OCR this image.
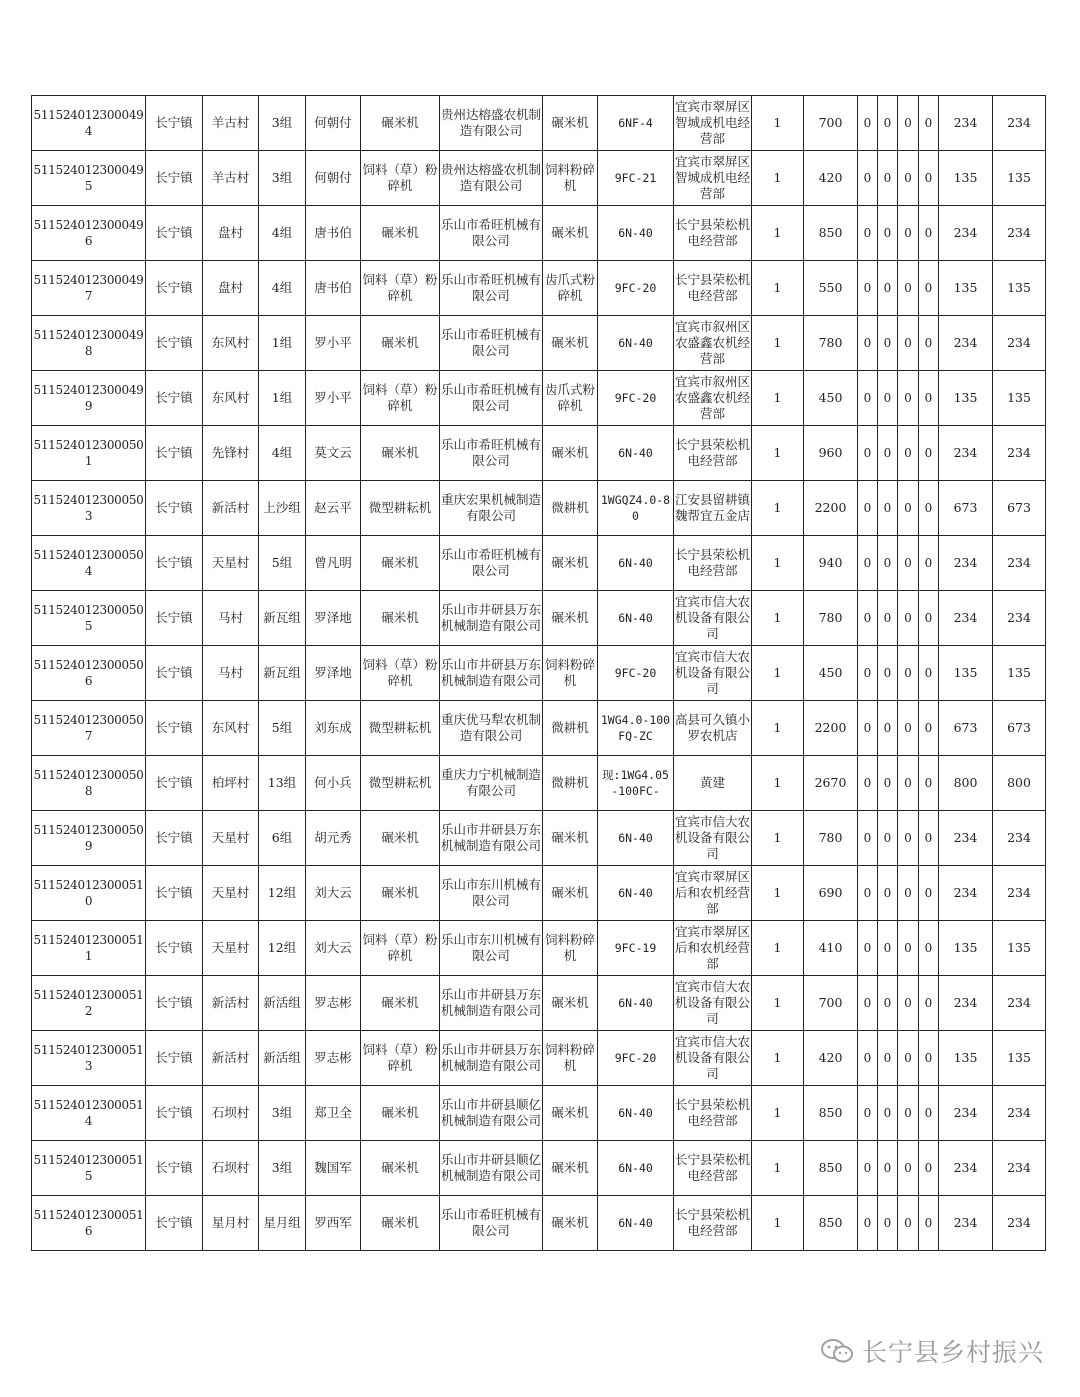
5115240123000494	长宁镇	羊古村	3组	何朝付	碾米机	贵州达榕盛农机制造有限公司	碾米机	6NF-4	宜宾市翠屏区智城成机电经营部	1	700	0	0	0	0	234	234
5115240123000495	长宁镇	羊古村	3组	何朝付	饲料（草）粉碎机	贵州达榕盛农机制造有限公司	饲料粉碎机	9FC-21	宜宾市翠屏区智城成机电经营部	1	420	0	0	0	0	135	135
5115240123000496	长宁镇	盘村	4组	唐书伯	碾米机	乐山市希旺机械有限公司	碾米机	6N-40	长宁县荣松机电经营部	1	850	0	0	0	0	234	234
5115240123000497	长宁镇	盘村	4组	唐书伯	饲料（草）粉碎机	乐山市希旺机械有限公司	齿爪式粉碎机	9FC-20	长宁县荣松机电经营部	1	550	0	0	0	0	135	135
5115240123000498	长宁镇	东风村	1组	罗小平	碾米机	乐山市希旺机械有限公司	碾米机	6N-40	宜宾市叙州区农盛鑫农机经营部	1	780	0	0	0	0	234	234
5115240123000499	长宁镇	东风村	1组	罗小平	饲料（草）粉碎机	乐山市希旺机械有限公司	齿爪式粉碎机	9FC-20	宜宾市叙州区农盛鑫农机经营部	1	450	0	0	0	0	135	135
5115240123000501	长宁镇	先锋村	4组	莫文云	碾米机	乐山市希旺机械有限公司	碾米机	6N-40	长宁县荣松机电经营部	1	960	0	0	0	0	234	234
5115240123000503	长宁镇	新活村	上沙组	赵云平	微型耕耘机	重庆宏果机械制造有限公司	微耕机	1WGQZ4.0-80	江安县留耕镇魏帮宜五金店	1	2200	0	0	0	0	673	673
5115240123000504	长宁镇	天星村	5组	曾凡明	碾米机	乐山市希旺机械有限公司	碾米机	6N-40	长宁县荣松机电经营部	1	940	0	0	0	0	234	234
5115240123000505	长宁镇	马村	新瓦组	罗泽地	碾米机	乐山市井研县万东机械制造有限公司	碾米机	6N-40	宜宾市信大农机设备有限公司	1	780	0	0	0	0	234	234
5115240123000506	长宁镇	马村	新瓦组	罗泽地	饲料（草）粉碎机	乐山市井研县万东机械制造有限公司	饲料粉碎机	9FC-20	宜宾市信大农机设备有限公司	1	450	0	0	0	0	135	135
5115240123000507	长宁镇	东风村	5组	刘东成	微型耕耘机	重庆优马犁农机制造有限公司	微耕机	1WG4.0-100FQ-ZC	高县可久镇小罗农机店	1	2200	0	0	0	0	673	673
5115240123000508	长宁镇	柏坪村	13组	何小兵	微型耕耘机	重庆力宁机械制造有限公司	微耕机	现:1WG4.05-100FC-	黄建	1	2670	0	0	0	0	800	800
5115240123000509	长宁镇	天星村	6组	胡元秀	碾米机	乐山市井研县万东机械制造有限公司	碾米机	6N-40	宜宾市信大农机设备有限公司	1	780	0	0	0	0	234	234
5115240123000510	长宁镇	天星村	12组	刘大云	碾米机	乐山市东川机械有限公司	碾米机	6N-40	宜宾市翠屏区后和农机经营部	1	690	0	0	0	0	234	234
5115240123000511	长宁镇	天星村	12组	刘大云	饲料（草）粉碎机	乐山市东川机械有限公司	饲料粉碎机	9FC-19	宜宾市翠屏区后和农机经营部	1	410	0	0	0	0	135	135
5115240123000512	长宁镇	新活村	新活组	罗志彬	碾米机	乐山市井研县万东机械制造有限公司	碾米机	6N-40	宜宾市信大农机设备有限公司	1	700	0	0	0	0	234	234
5115240123000513	长宁镇	新活村	新活组	罗志彬	饲料（草）粉碎机	乐山市井研县万东机械制造有限公司	饲料粉碎机	9FC-20	宜宾市信大农机设备有限公司	1	420	0	0	0	0	135	135
5115240123000514	长宁镇	石坝村	3组	郑卫全	碾米机	乐山市井研县顺亿机械制造有限公司	碾米机	6N-40	长宁县荣松机电经营部	1	850	0	0	0	0	234	234
5115240123000515	长宁镇	石坝村	3组	魏国军	碾米机	乐山市井研县顺亿机械制造有限公司	碾米机	6N-40	长宁县荣松机电经营部	1	850	0	0	0	0	234	234
5115240123000516	长宁镇	星月村	星月组	罗西军	碾米机	乐山市希旺机械有限公司	碾米机	6N-40	长宁县荣松机电经营部	1	850	0	0	0	0	234	234
长宁县乡村振兴
